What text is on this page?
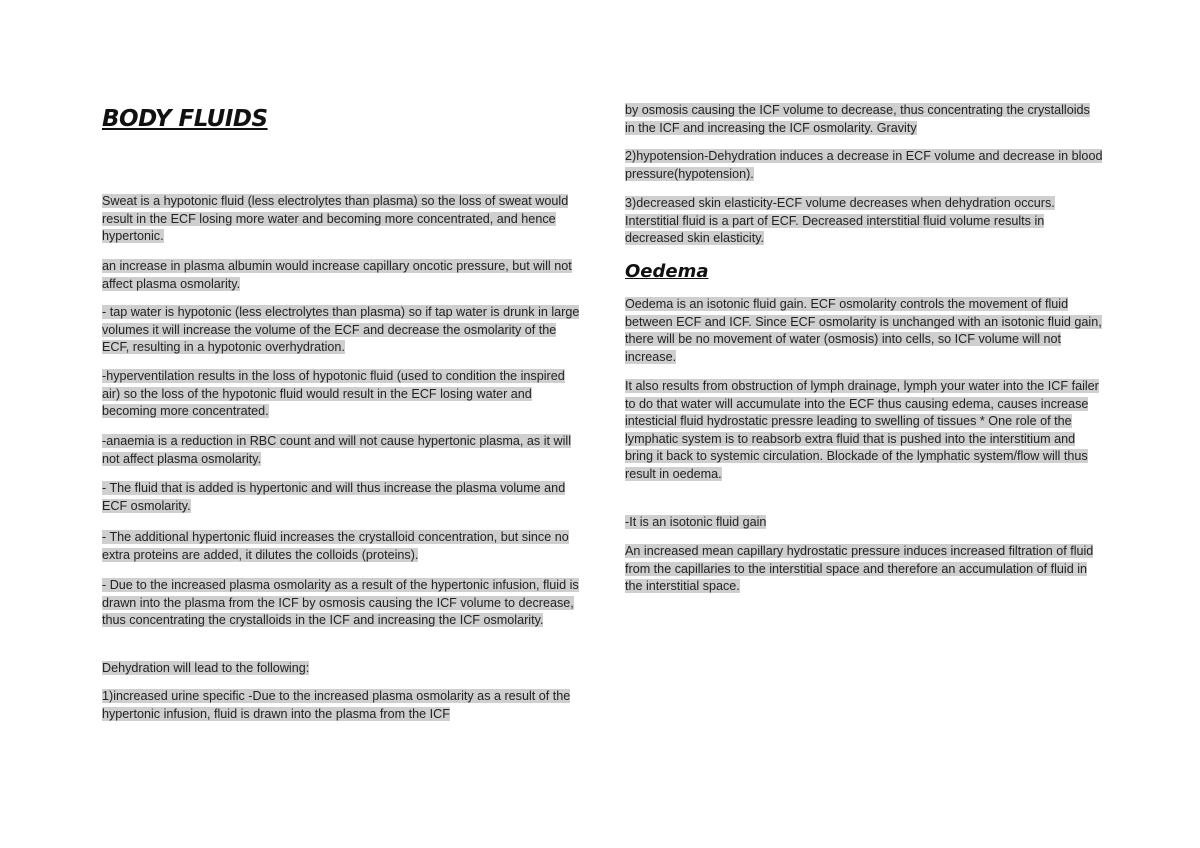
BODY FLUIDS

Sweat is a hypotonic fluid (less electrolytes than plasma) so the loss of sweat would result in the ECF losing more water and becoming more concentrated, and hence hypertonic.

an increase in plasma albumin would increase capillary oncotic pressure, but will not affect plasma osmolarity.

- tap water is hypotonic (less electrolytes than plasma) so if tap water is drunk in large volumes it will increase the volume of the ECF and decrease the osmolarity of the ECF, resulting in a hypotonic overhydration.

-hyperventilation results in the loss of hypotonic fluid (used to condition the inspired air) so the loss of the hypotonic fluid would result in the ECF losing water and becoming more concentrated.

-anaemia is a reduction in RBC count and will not cause hypertonic plasma, as it will not affect plasma osmolarity.

- The fluid that is added is hypertonic and will thus increase the plasma volume and ECF osmolarity.

- The additional hypertonic fluid increases the crystalloid concentration, but since no extra proteins are added, it dilutes the colloids (proteins).

- Due to the increased plasma osmolarity as a result of the hypertonic infusion, fluid is drawn into the plasma from the ICF by osmosis causing the ICF volume to decrease, thus concentrating the crystalloids in the ICF and increasing the ICF osmolarity.

Dehydration will lead to the following:

1)increased urine specific -Due to the increased plasma osmolarity as a result of the hypertonic infusion, fluid is drawn into the plasma from the ICF

by osmosis causing the ICF volume to decrease, thus concentrating the crystalloids in the ICF and increasing the ICF osmolarity. Gravity

2)hypotension-Dehydration induces a decrease in ECF volume and decrease in blood pressure(hypotension).

3)decreased skin elasticity-ECF volume decreases when dehydration occurs. Interstitial fluid is a part of ECF. Decreased interstitial fluid volume results in decreased skin elasticity.

Oedema

Oedema is an isotonic fluid gain. ECF osmolarity controls the movement of fluid between ECF and ICF. Since ECF osmolarity is unchanged with an isotonic fluid gain, there will be no movement of water (osmosis) into cells, so ICF volume will not increase.

It also results from obstruction of lymph drainage, lymph your water into the ICF failer to do that water will accumulate into the ECF thus causing edema, causes increase intesticial fluid hydrostatic pressre leading to swelling of tissues * One role of the lymphatic system is to reabsorb extra fluid that is pushed into the interstitium and bring it back to systemic circulation. Blockade of the lymphatic system/flow will thus result in oedema.

-It is an isotonic fluid gain

An increased mean capillary hydrostatic pressure induces increased filtration of fluid from the capillaries to the interstitial space and therefore an accumulation of fluid in the interstitial space.
